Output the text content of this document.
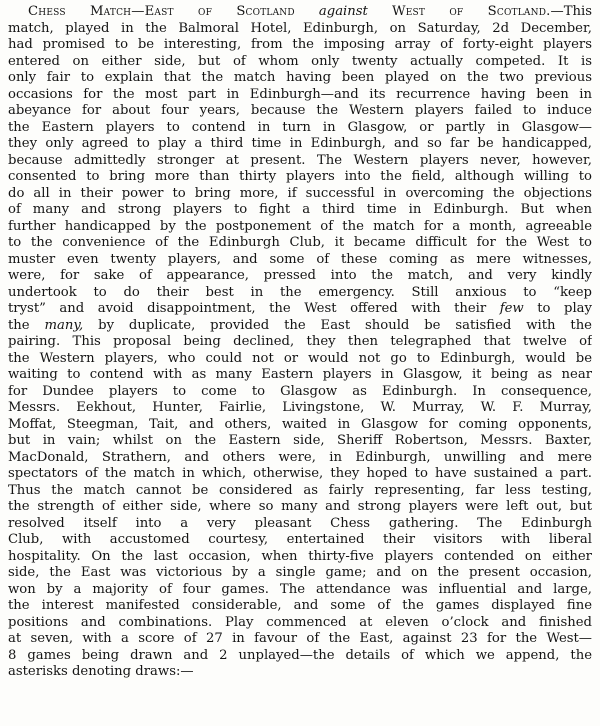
Chess Match—East of Scotland against West of Scotland.—This
match, played in the Balmoral Hotel, Edinburgh, on Saturday, 2d December,
had promised to be interesting, from the imposing array of forty-eight players
entered on either side, but of whom only twenty actually competed. It is
only fair to explain that the match having been played on the two previous
occasions for the most part in Edinburgh—and its recurrence having been in
abeyance for about four years, because the Western players failed to induce
the Eastern players to contend in turn in Glasgow, or partly in Glasgow—
they only agreed to play a third time in Edinburgh, and so far be handicapped,
because admittedly stronger at present. The Western players never, however,
consented to bring more than thirty players into the field, although willing to
do all in their power to bring more, if successful in overcoming the objections
of many and strong players to fight a third time in Edinburgh. But when
further handicapped by the postponement of the match for a month, agreeable
to the convenience of the Edinburgh Club, it became difficult for the West to
muster even twenty players, and some of these coming as mere witnesses,
were, for sake of appearance, pressed into the match, and very kindly
undertook to do their best in the emergency. Still anxious to “keep
tryst” and avoid disappointment, the West offered with their few to play
the many, by duplicate, provided the East should be satisfied with the
pairing. This proposal being declined, they then telegraphed that twelve of
the Western players, who could not or would not go to Edinburgh, would be
waiting to contend with as many Eastern players in Glasgow, it being as near
for Dundee players to come to Glasgow as Edinburgh. In consequence,
Messrs. Eekhout, Hunter, Fairlie, Livingstone, W. Murray, W. F. Murray,
Moffat, Steegman, Tait, and others, waited in Glasgow for coming opponents,
but in vain; whilst on the Eastern side, Sheriff Robertson, Messrs. Baxter,
MacDonald, Strathern, and others were, in Edinburgh, unwilling and mere
spectators of the match in which, otherwise, they hoped to have sustained a part.
Thus the match cannot be considered as fairly representing, far less testing,
the strength of either side, where so many and strong players were left out, but
resolved itself into a very pleasant Chess gathering. The Edinburgh
Club, with accustomed courtesy, entertained their visitors with liberal
hospitality. On the last occasion, when thirty-five players contended on either
side, the East was victorious by a single game; and on the present occasion,
won by a majority of four games. The attendance was influential and large,
the interest manifested considerable, and some of the games displayed fine
positions and combinations. Play commenced at eleven o’clock and finished
at seven, with a score of 27 in favour of the East, against 23 for the West—
8 games being drawn and 2 unplayed—the details of which we append, the
asterisks denoting draws:—
